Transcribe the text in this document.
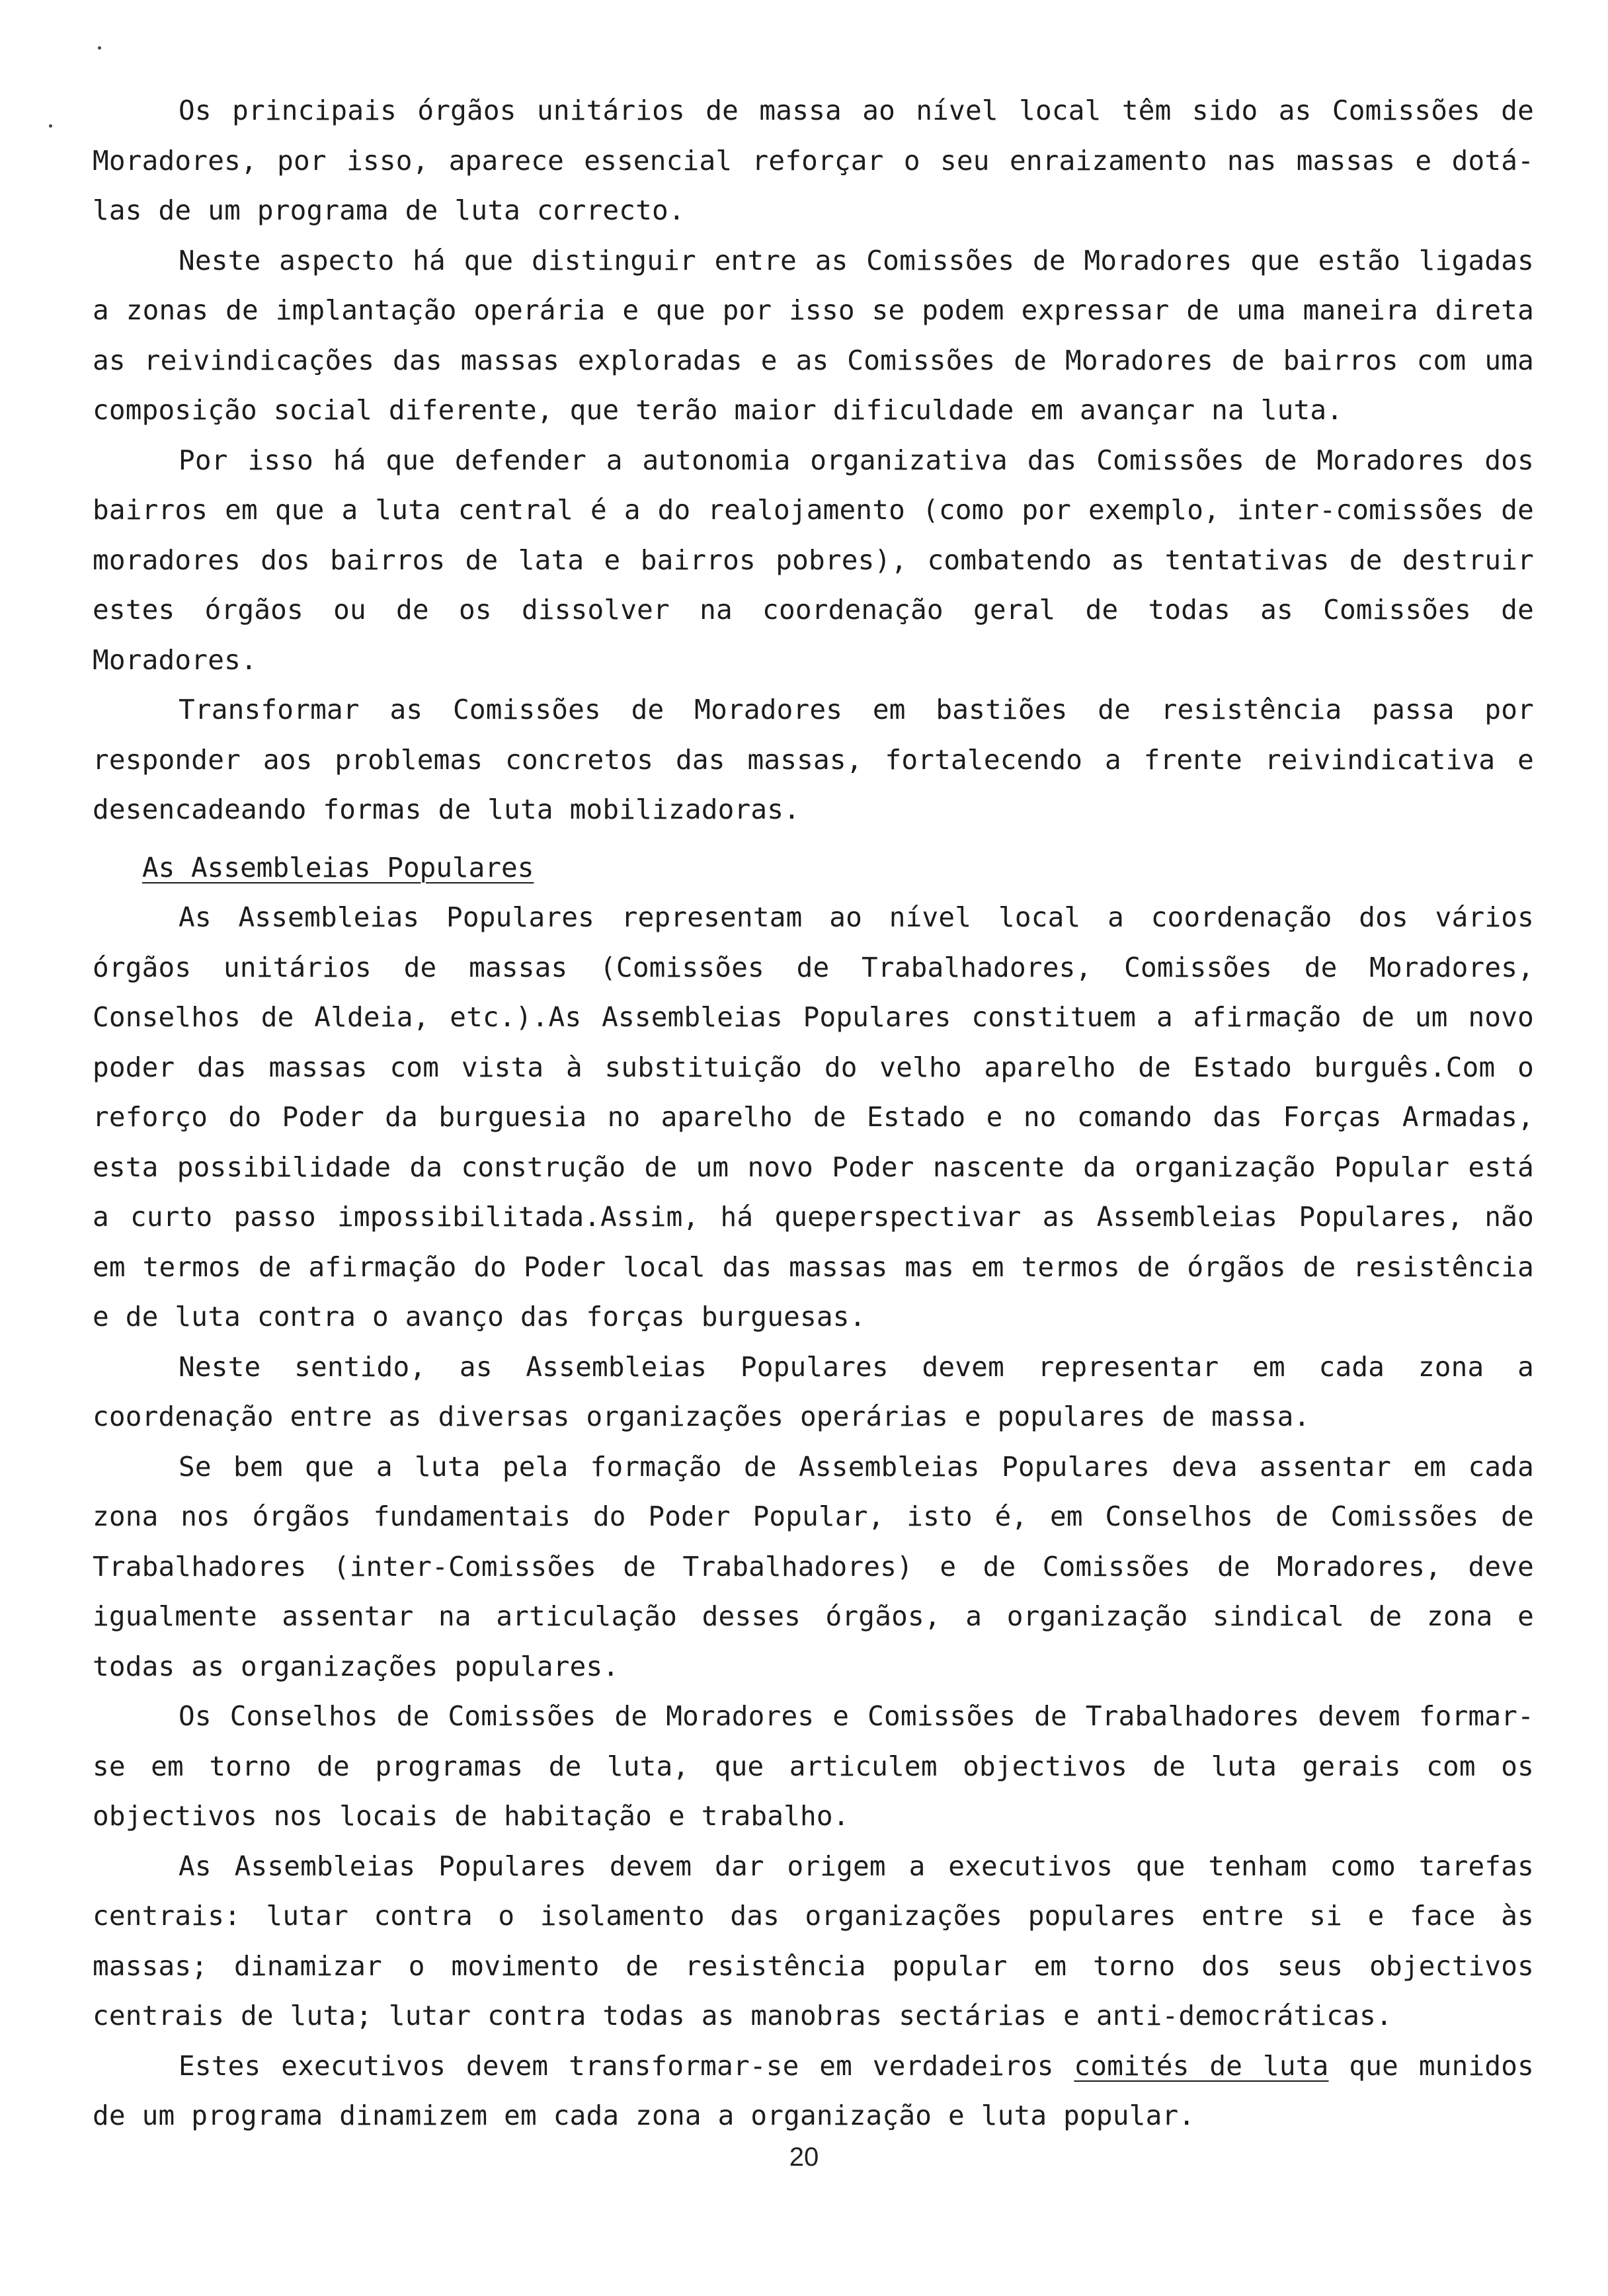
Os principais órgãos unitários de massa ao nível local têm sido as Comissões de Moradores, por isso, aparece essencial reforçar o seu enraizamento nas massas e dotá-las de um programa de luta correcto.

Neste aspecto há que distinguir entre as Comissões de Moradores que estão ligadas a zonas de implantação operária e que por isso se podem expressar de uma maneira direta as reivindicações das massas exploradas e as Comissões de Moradores de bairros com uma composição social diferente, que terão maior dificuldade em avançar na luta.

Por isso há que defender a autonomia organizativa das Comissões de Moradores dos bairros em que a luta central é a do realojamento (como por exemplo, inter-comissões de moradores dos bairros de lata e bairros pobres), combatendo as tentativas de destruir estes órgãos ou de os dissolver na coordenação geral de todas as Comissões de Moradores.

Transformar as Comissões de Moradores em bastiões de resistência passa por responder aos problemas concretos das massas, fortalecendo a frente reivindicativa e desencadeando formas de luta mobilizadoras.

As Assembleias Populares

As Assembleias Populares representam ao nível local a coordenação dos vários órgãos unitários de massas (Comissões de Trabalhadores, Comissões de Moradores, Conselhos de Aldeia, etc.).As Assembleias Populares constituem a afirmação de um novo poder das massas com vista à substituição do velho aparelho de Estado burguês.Com o reforço do Poder da burguesia no aparelho de Estado e no comando das Forças Armadas, esta possibilidade da construção de um novo Poder nascente da organização Popular está a curto passo impossibilitada.Assim, há queperspectivar as Assembleias Populares, não em termos de afirmação do Poder local das massas mas em termos de órgãos de resistência e de luta contra o avanço das forças burguesas.

Neste sentido, as Assembleias Populares devem representar em cada zona a coordenação entre as diversas organizações operárias e populares de massa.

Se bem que a luta pela formação de Assembleias Populares deva assentar em cada zona nos órgãos fundamentais do Poder Popular, isto é, em Conselhos de Comissões de Trabalhadores (inter-Comissões de Trabalhadores) e de Comissões de Moradores, deve igualmente assentar na articulação desses órgãos, a organização sindical de zona e todas as organizações populares.

Os Conselhos de Comissões de Moradores e Comissões de Trabalhadores devem formar-se em torno de programas de luta, que articulem objectivos de luta gerais com os objectivos nos locais de habitação e trabalho.

As Assembleias Populares devem dar origem a executivos que tenham como tarefas centrais: lutar contra o isolamento das organizações populares entre si e face às massas; dinamizar o movimento de resistência popular em torno dos seus objectivos centrais de luta; lutar contra todas as manobras sectárias e anti-democráticas.

Estes executivos devem transformar-se em verdadeiros comités de luta que munidos de um programa dinamizem em cada zona a organização e luta popular.

20
